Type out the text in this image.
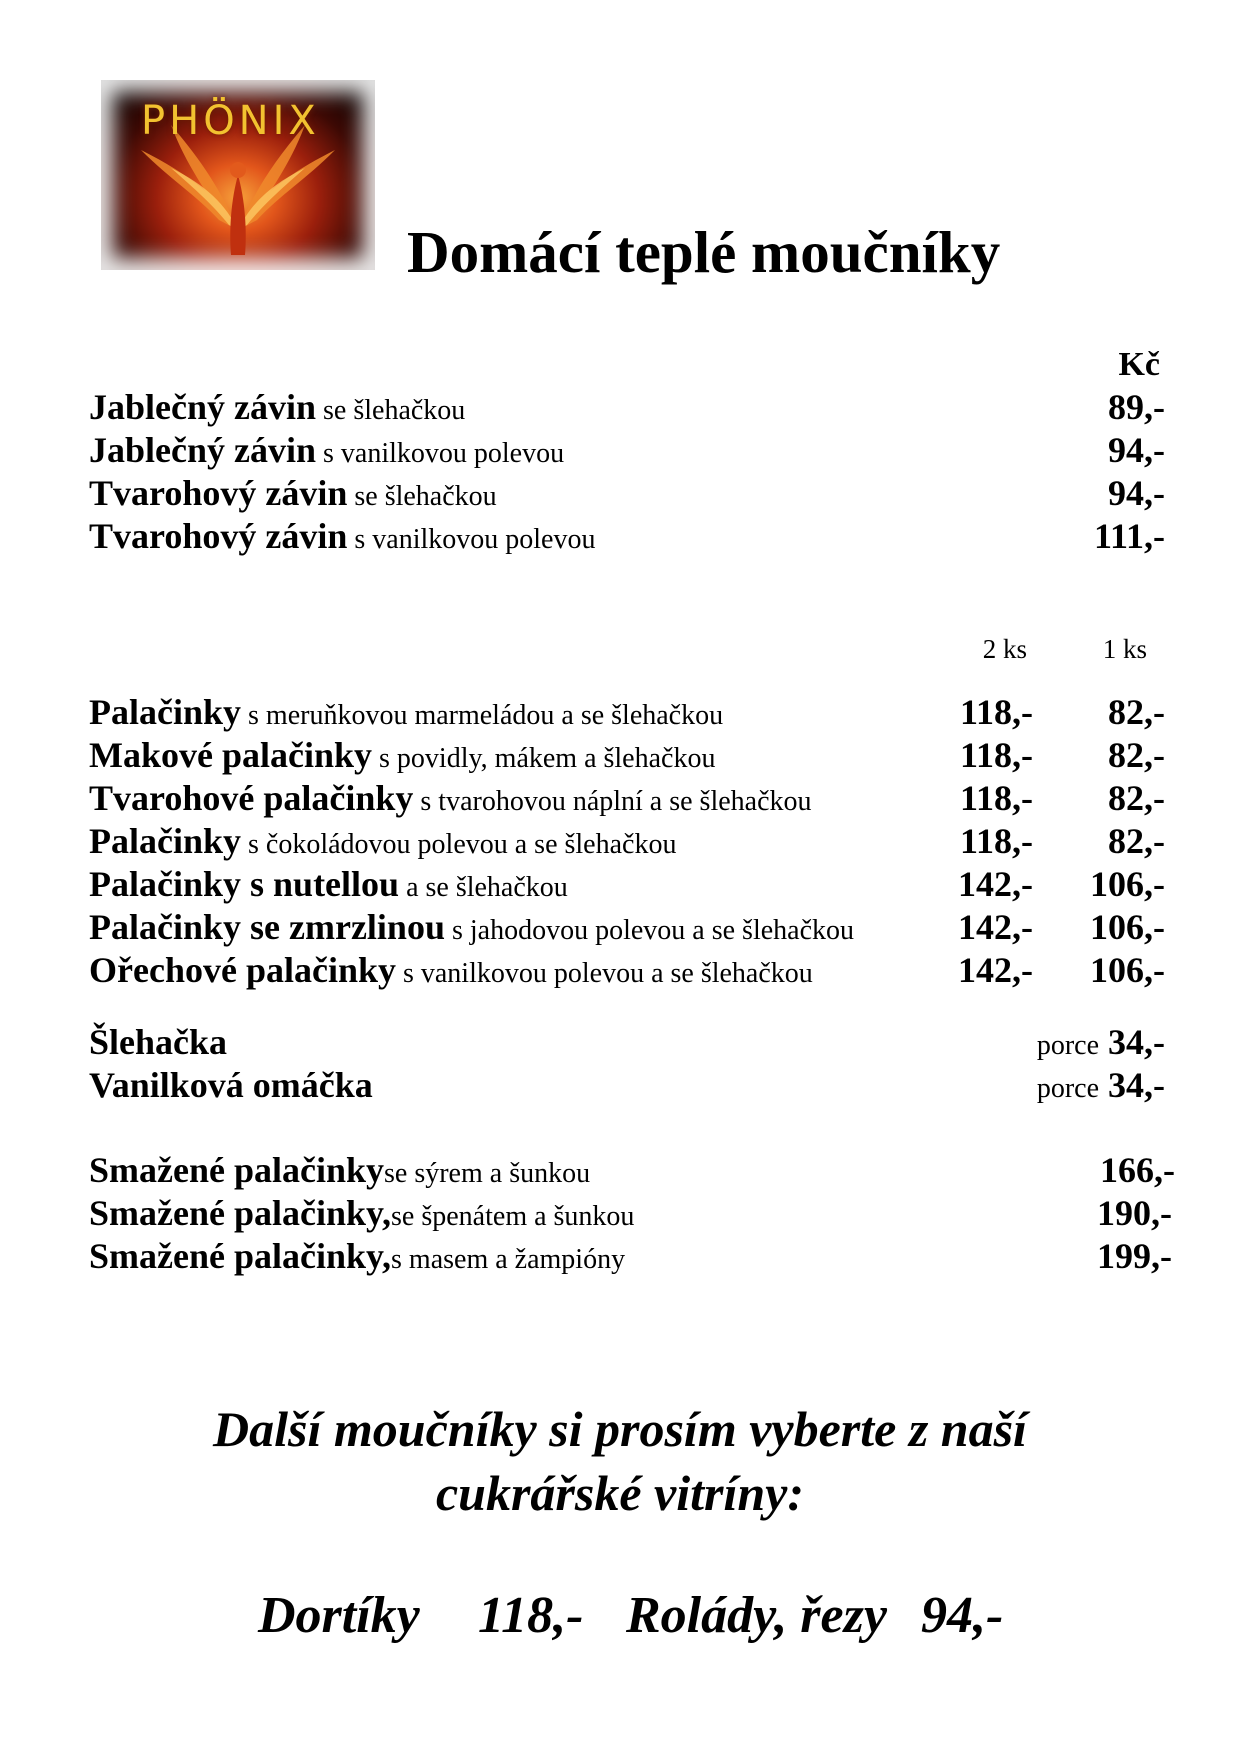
PHÖNIX
Domácí teplé moučníky
Kč
Jablečný závin se šlehačkou	89,-
Jablečný závin s vanilkovou polevou	94,-
Tvarohový závin se šlehačkou	94,-
Tvarohový závin s vanilkovou polevou	111,-
2 ks	1 ks
Palačinky s meruňkovou marmeládou a se šlehačkou	118,- 82,-
Makové palačinky s povidly, mákem a šlehačkou	118,- 82,-
Tvarohové palačinky s tvarohovou náplní a se šlehačkou	118,- 82,-
Palačinky s čokoládovou polevou a se šlehačkou	118,- 82,-
Palačinky s nutellou a se šlehačkou	142,- 106,-
Palačinky se zmrzlinou s jahodovou polevou a se šlehačkou	142,- 106,-
Ořechové palačinky s vanilkovou polevou a se šlehačkou	142,- 106,-
Šlehačka	porce 34,-
Vanilková omáčka	porce 34,-
Smažené palačinkyse sýrem a šunkou	166,-
Smažené palačinky,se špenátem a šunkou	190,-
Smažené palačinky,s masem a žampióny	199,-
Další moučníky si prosím vyberte z naší
cukrářské vitríny:
Dortíky 118,- Rolády, řezy 94,-
